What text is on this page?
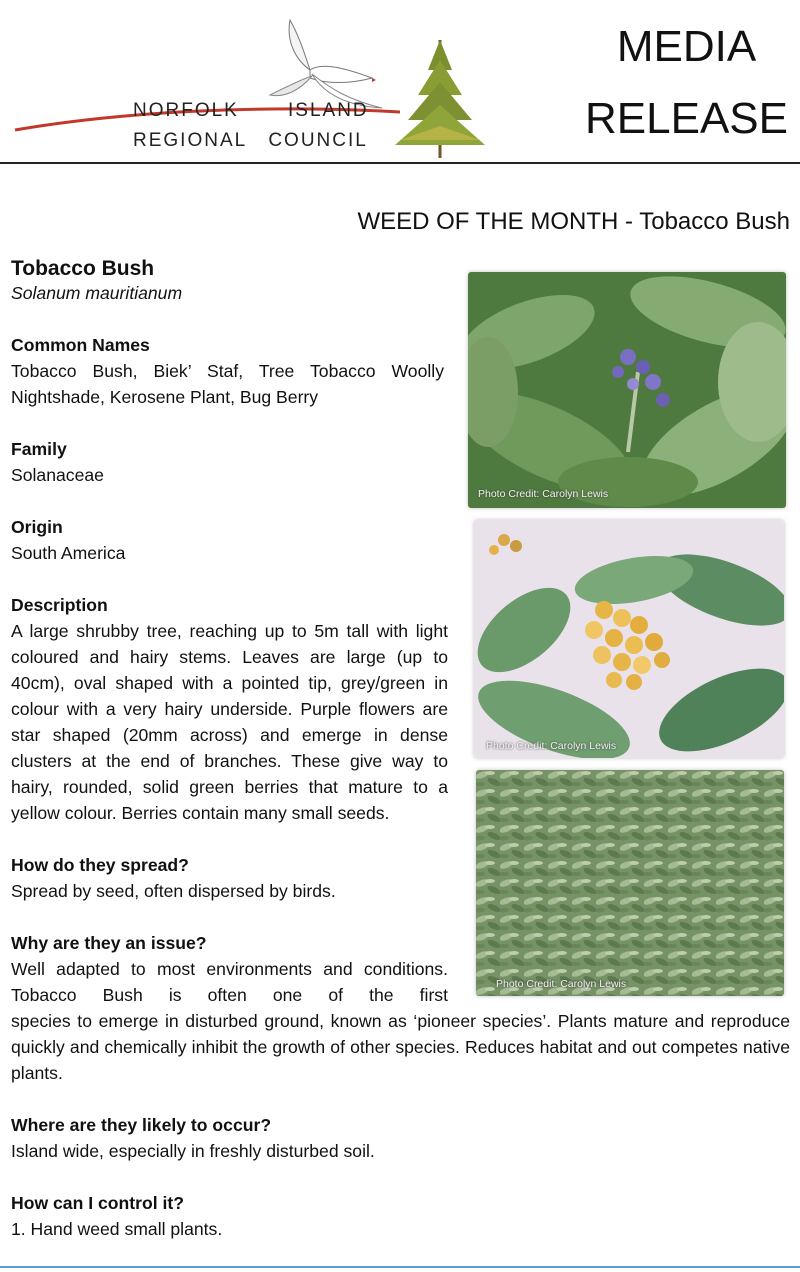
NORFOLK	ISLAND
REGIONAL   COUNCIL
MEDIA
RELEASE
WEED OF THE MONTH - Tobacco Bush
Photo Credit: Carolyn Lewis
Photo Credit: Carolyn Lewis
Photo Credit: Carolyn Lewis
Tobacco Bush

Solanum mauritianum

Common Names

Tobacco Bush, Biek’ Staf, Tree Tobacco Woolly Nightshade, Kerosene Plant, Bug Berry

Family

Solanaceae

Origin

South America

Description

A large shrubby tree, reaching up to 5m tall with light coloured and hairy stems. Leaves are large (up to 40cm), oval shaped with a pointed tip, grey/green in colour with a very hairy underside. Purple flowers are star shaped (20mm across) and emerge in dense clusters at the end of branches. These give way to hairy, rounded, solid green berries that mature to a yellow colour. Berries contain many small seeds.

How do they spread?

Spread by seed, often dispersed by birds.

Why are they an issue?

Well adapted to most environments and conditions. Tobacco Bush is often one of the first

species to emerge in disturbed ground, known as ‘pioneer species’. Plants mature and reproduce quickly and chemically inhibit the growth of other species. Reduces habitat and out competes native plants.

Where are they likely to occur?

Island wide, especially in freshly disturbed soil.

How can I control it?

1. Hand weed small plants.
